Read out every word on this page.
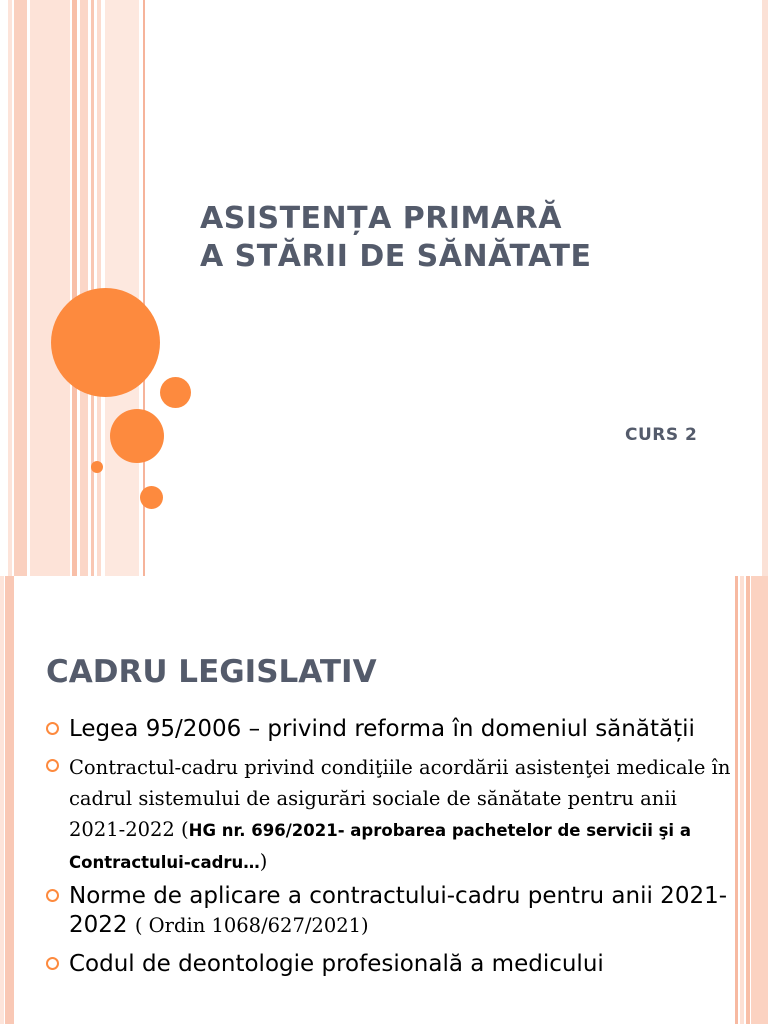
ASISTENȚA PRIMARĂ
A STĂRII DE SĂNĂTATE
CURS 2
CADRU LEGISLATIV
Legea 95/2006 – privind reforma în domeniul sănătății
Contractul-cadru privind condiţiile acordării asistenţei medicale în cadrul sistemului de asigurări sociale de sănătate pentru anii 2021-2022 (HG nr. 696/2021- aprobarea pachetelor de servicii şi a Contractului-cadru…)
Norme de aplicare a contractului-cadru pentru anii 2021-2022 ( Ordin 1068/627/2021)
Codul de deontologie profesională a medicului
